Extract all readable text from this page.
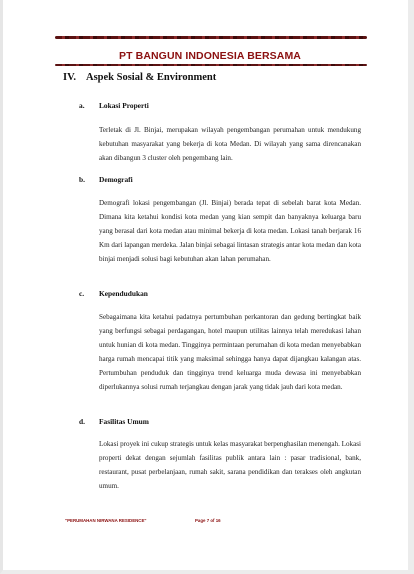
PT BANGUN INDONESIA BERSAMA
IV. Aspek Sosial & Environment
a. Lokasi Properti
Terletak di Jl. Binjai, merupakan wilayah pengembangan perumahan untuk mendukung kebutuhan masyarakat yang bekerja di kota Medan. Di wilayah yang sama direncanakan akan dibangun 3 cluster oleh pengembang lain.
b. Demografi
Demografi lokasi pengembangan (Jl. Binjai) berada tepat di sebelah barat kota Medan. Dimana kita ketahui kondisi kota medan yang kian sempit dan banyaknya keluarga baru yang berasal dari kota medan atau minimal bekerja di kota medan. Lokasi tanah berjarak 16 Km dari lapangan merdeka. Jalan binjai sebagai lintasan strategis antar kota medan dan kota binjai menjadi solusi bagi kebutuhan akan lahan perumahan.
c. Kependudukan
Sebagaimana kita ketahui padatnya pertumbuhan perkantoran dan gedung bertingkat baik yang berfungsi sebagai perdagangan, hotel maupun utilitas lainnya telah meredukasi lahan untuk hunian di kota medan. Tingginya permintaan perumahan di kota medan menyebabkan harga rumah mencapai titik yang maksimal sehingga hanya dapat dijangkau kalangan atas. Pertumbuhan penduduk dan tingginya trend keluarga muda dewasa ini menyebabkan diperlukannya solusi rumah terjangkau dengan jarak yang tidak jauh dari kota medan.
d. Fasilitas Umum
Lokasi proyek ini cukup strategis untuk kelas masyarakat berpenghasilan menengah. Lokasi properti dekat dengan sejumlah fasilitas publik antara lain : pasar tradisional, bank, restaurant, pusat perbelanjaan, rumah sakit, sarana pendidikan dan terakses oleh angkutan umum.
"PERUMAHAN NIRWANA RESIDENCE"	Page 7 of 16
